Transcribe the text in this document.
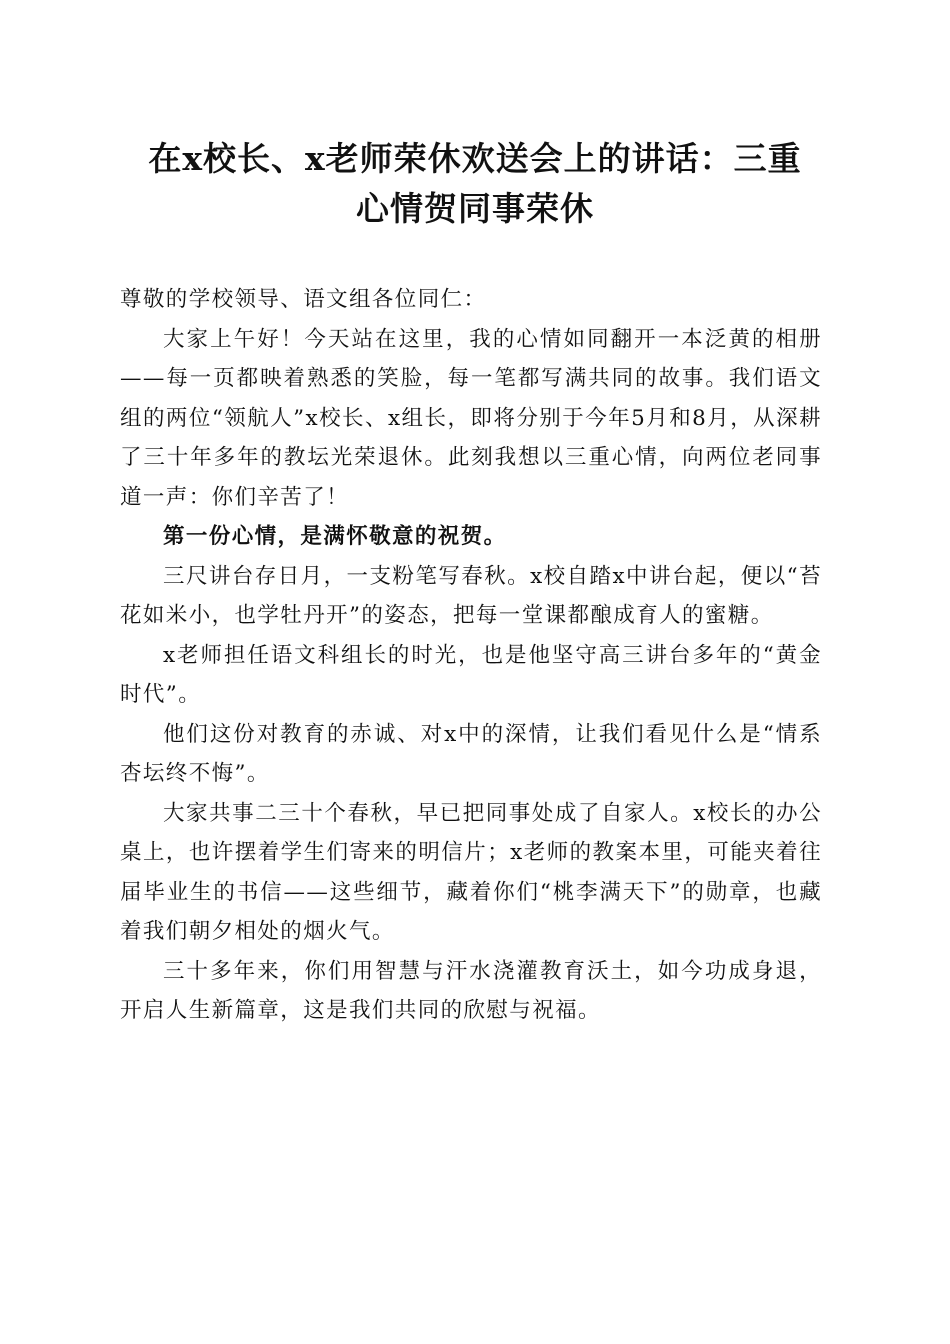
在x校长、x老师荣休欢送会上的讲话：三重
心情贺同事荣休

尊敬的学校领导、语文组各位同仁：

大家上午好！今天站在这里，我的心情如同翻开一本泛黄的相册——每一页都映着熟悉的笑脸，每一笔都写满共同的故事。我们语文组的两位“领航人”x校长、x组长，即将分别于今年5月和8月，从深耕了三十年多年的教坛光荣退休。此刻我想以三重心情，向两位老同事道一声：你们辛苦了！

第一份心情，是满怀敬意的祝贺。

三尺讲台存日月，一支粉笔写春秋。x校自踏x中讲台起，便以“苔花如米小，也学牡丹开”的姿态，把每一堂课都酿成育人的蜜糖。

x老师担任语文科组长的时光，也是他坚守高三讲台多年的“黄金时代”。

他们这份对教育的赤诚、对x中的深情，让我们看见什么是“情系杏坛终不悔”。

大家共事二三十个春秋，早已把同事处成了自家人。x校长的办公桌上，也许摆着学生们寄来的明信片；x老师的教案本里，可能夹着往届毕业生的书信——这些细节，藏着你们“桃李满天下”的勋章，也藏着我们朝夕相处的烟火气。

三十多年来，你们用智慧与汗水浇灌教育沃土，如今功成身退，开启人生新篇章，这是我们共同的欣慰与祝福。
